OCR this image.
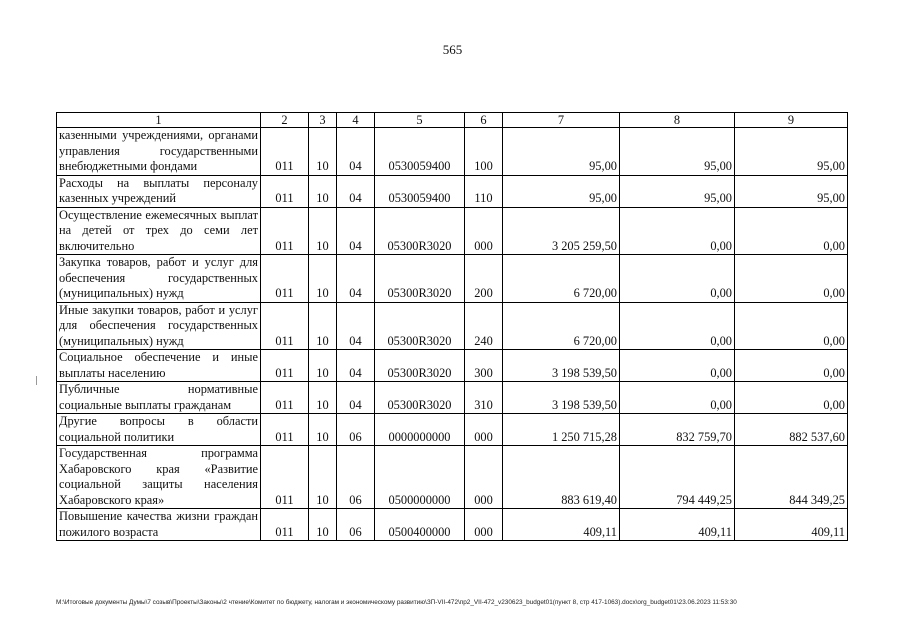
565
1	2	3	4	5	6	7	8	9
казенными учреждениями, органами управления государственными внебюджетными фондами	011	10	04	0530059400	100	95,00	95,00	95,00
Расходы на выплаты персоналу казенных учреждений	011	10	04	0530059400	110	95,00	95,00	95,00
Осуществление ежемесячных выплат на детей от трех до семи лет включительно	011	10	04	05300R3020	000	3 205 259,50	0,00	0,00
Закупка товаров, работ и услуг для обеспечения государственных (муниципальных) нужд	011	10	04	05300R3020	200	6 720,00	0,00	0,00
Иные закупки товаров, работ и услуг для обеспечения государственных (муниципальных) нужд	011	10	04	05300R3020	240	6 720,00	0,00	0,00
Социальное обеспечение и иные выплаты населению	011	10	04	05300R3020	300	3 198 539,50	0,00	0,00
Публичные нормативные социальные выплаты гражданам	011	10	04	05300R3020	310	3 198 539,50	0,00	0,00
Другие вопросы в области социальной политики	011	10	06	0000000000	000	1 250 715,28	832 759,70	882 537,60
Государственная программа Хабаровского края «Развитие социальной защиты населения Хабаровского края»	011	10	06	0500000000	000	883 619,40	794 449,25	844 349,25
Повышение качества жизни граждан пожилого возраста	011	10	06	0500400000	000	409,11	409,11	409,11
M:\Итоговые документы Думы\7 созыв\Проекты\Законы\2 чтение\Комитет по бюджету, налогам и экономическому развитию\ЗП-VII-472\пр2_VII-472_v230623_budget01(пункт 8, стр 417-1063).docx\org_budget01\23.06.2023 11:53:30
